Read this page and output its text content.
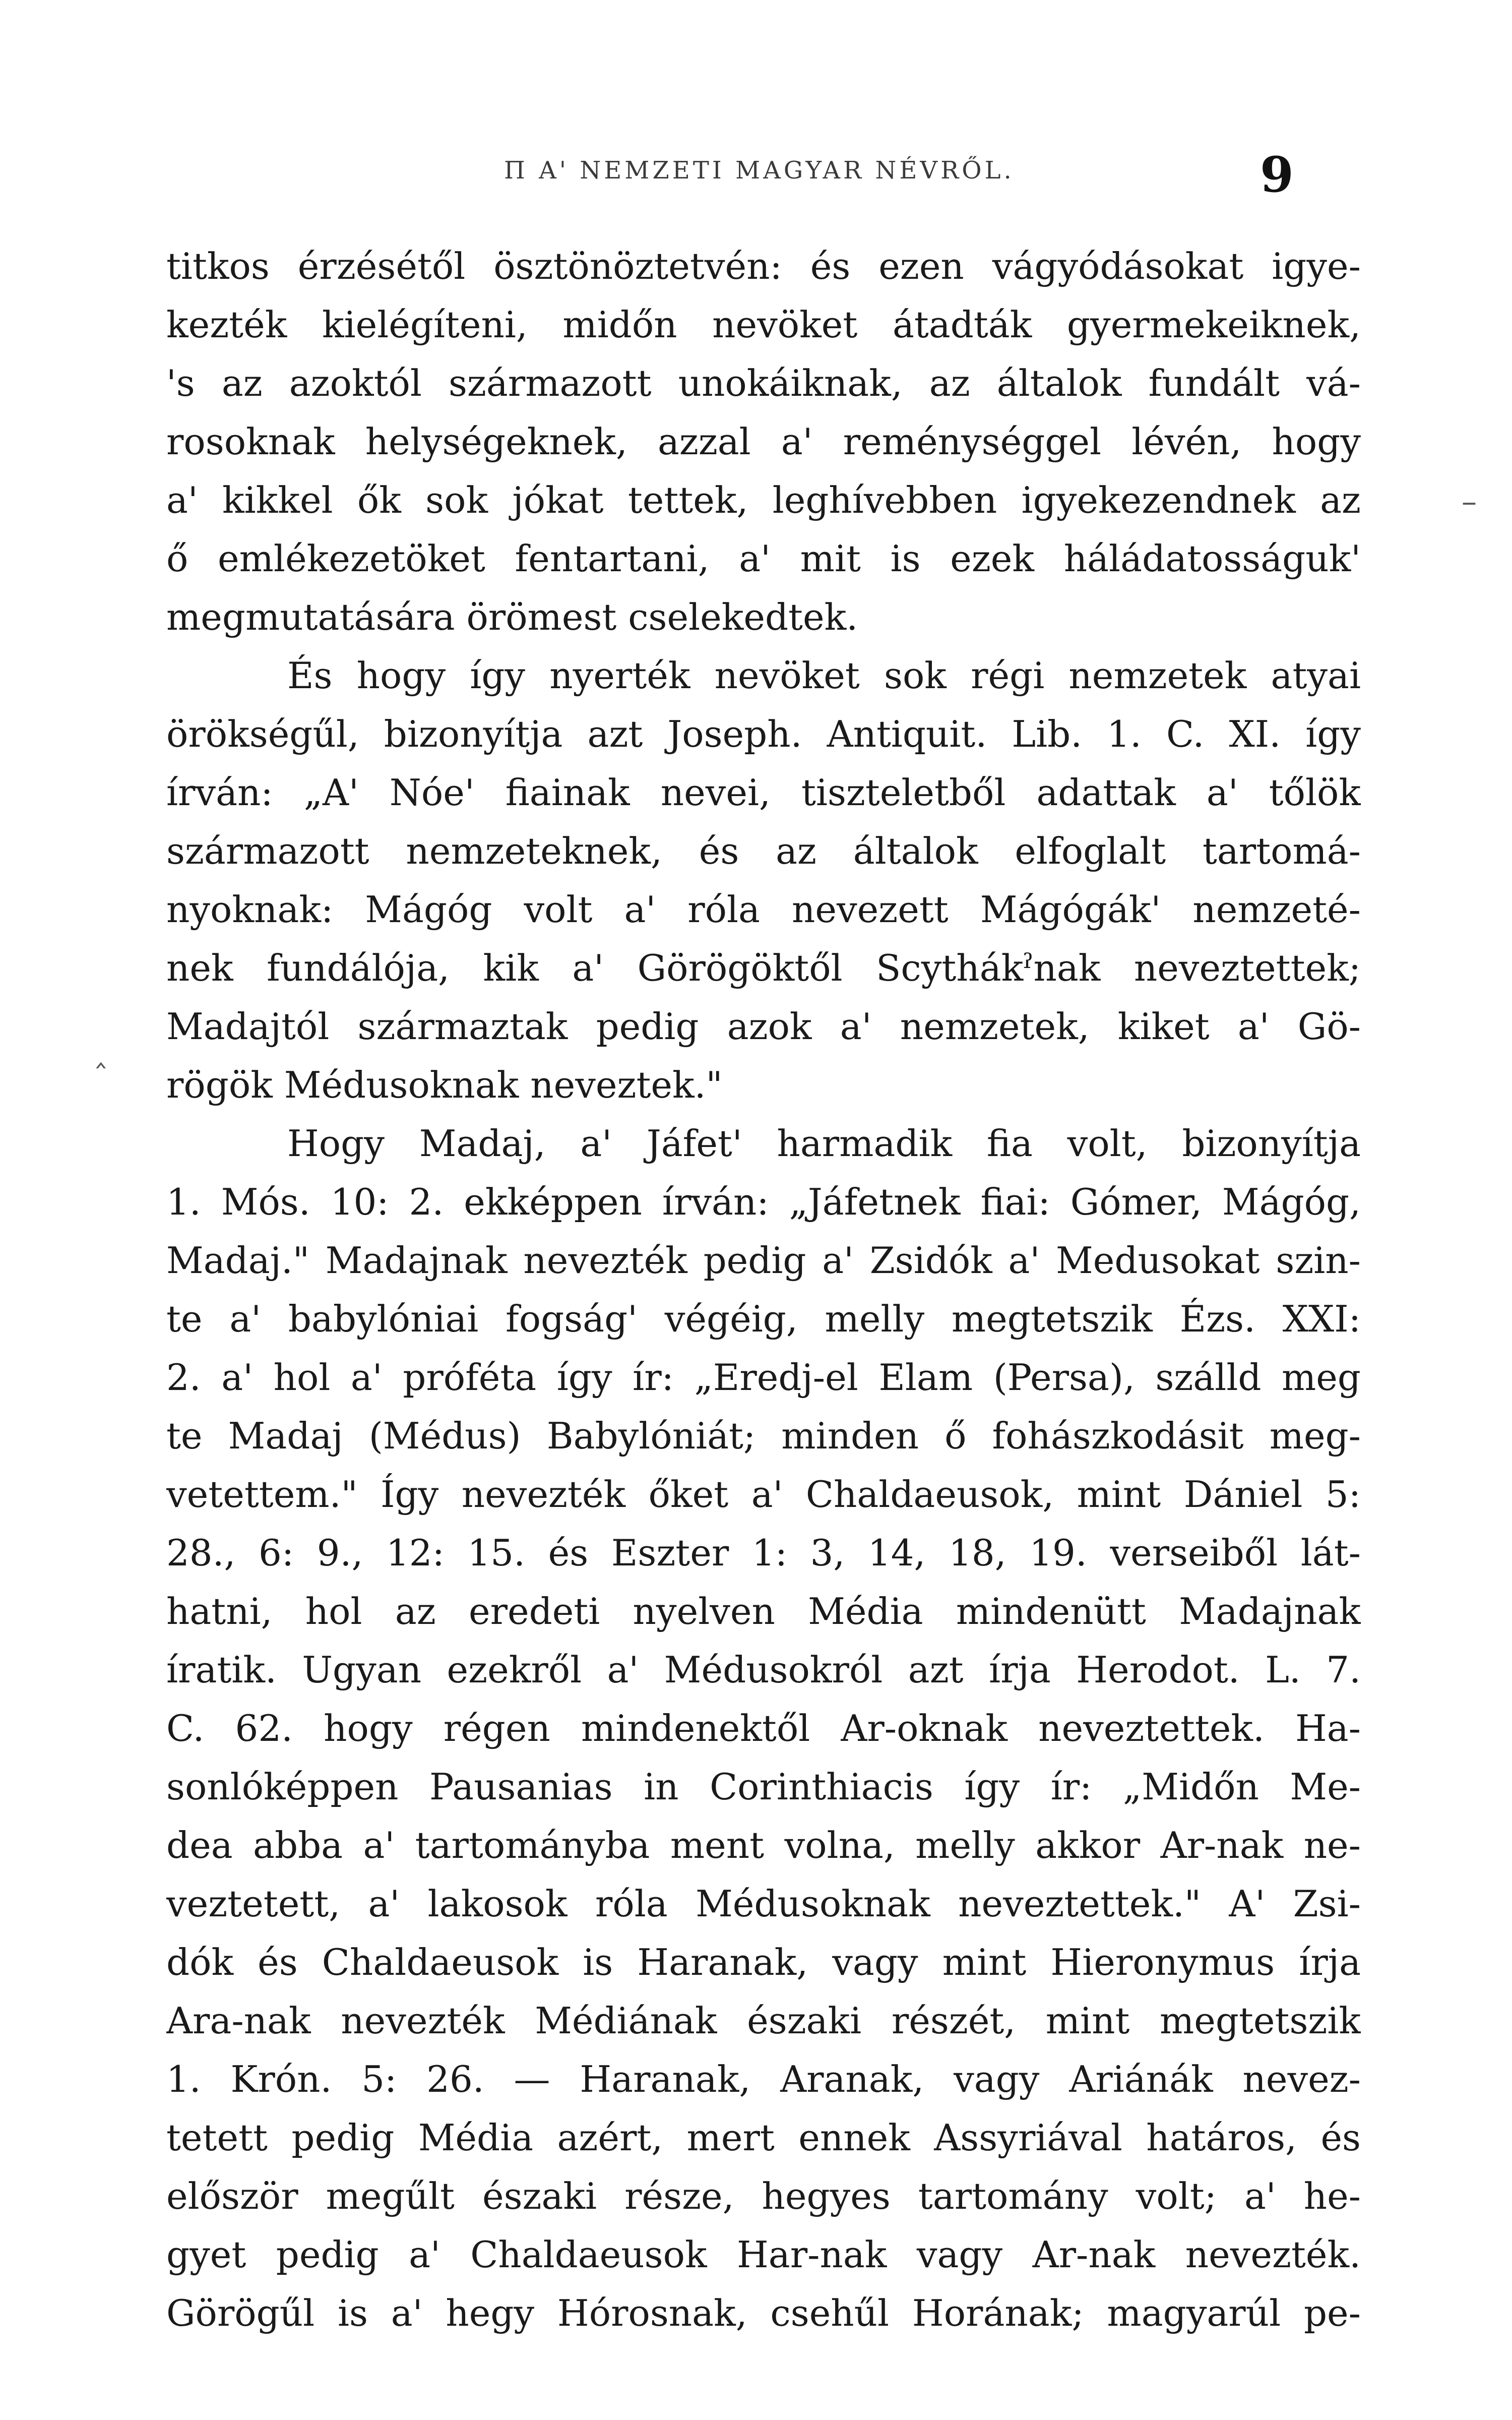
Π Α' NEMZETI MAGYAR NÉVRŐL.	9
–
‸

titkos érzésétől ösztönöztetvén: és ezen vágyódásokat igye-
kezték kielégíteni, midőn nevöket átadták gyermekeiknek,
's az azoktól származott unokáiknak, az általok fundált vá-
rosoknak helységeknek, azzal a' reménységgel lévén, hogy
a' kikkel ők sok jókat tettek, leghívebben igyekezendnek az
ő emlékezetöket fentartani, a' mit is ezek háládatosságuk'
megmutatására örömest cselekedtek.

És hogy így nyerték nevöket sok régi nemzetek atyai
örökségűl, bizonyítja azt Joseph. Antiquit. Lib. 1. C. XI. így
írván: „A' Nóe' fiainak nevei, tiszteletből adattak a' tőlök
származott nemzeteknek, és az általok elfoglalt tartomá-
nyoknak: Mágóg volt a' róla nevezett Mágógák' nemzeté-
nek fundálója, kik a' Görögöktől Scythákˀnak neveztettek;
Madajtól származtak pedig azok a' nemzetek, kiket a' Gö-
rögök Médusoknak neveztek."

Hogy Madaj, a' Jáfet' harmadik fia volt, bizonyítja
1. Mós. 10: 2. ekképpen írván: „Jáfetnek fiai: Gómer, Mágóg,
Madaj." Madajnak nevezték pedig a' Zsidók a' Medusokat szin-
te a' babylóniai fogság' végéig, melly megtetszik Ézs. XXI:
2. a' hol a' próféta így ír: „Eredj-el Elam (Persa), szálld meg
te Madaj (Médus) Babylóniát; minden ő fohászkodásit meg-
vetettem." Így nevezték őket a' Chaldaeusok, mint Dániel 5:
28., 6: 9., 12: 15. és Eszter 1: 3, 14, 18, 19. verseiből lát-
hatni, hol az eredeti nyelven Média mindenütt Madajnak
íratik. Ugyan ezekről a' Médusokról azt írja Herodot. L. 7.
C. 62. hogy régen mindenektől Ar-oknak neveztettek. Ha-
sonlóképpen Pausanias in Corinthiacis így ír: „Midőn Me-
dea abba a' tartományba ment volna, melly akkor Ar-nak ne-
veztetett, a' lakosok róla Médusoknak neveztettek." A' Zsi-
dók és Chaldaeusok is Haranak, vagy mint Hieronymus írja
Ara-nak nevezték Médiának északi részét, mint megtetszik
1. Krón. 5: 26. — Haranak, Aranak, vagy Ariánák nevez-
tetett pedig Média azért, mert ennek Assyriával határos, és
először megűlt északi része, hegyes tartomány volt; a' he-
gyet pedig a' Chaldaeusok Har-nak vagy Ar-nak nevezték.
Görögűl is a' hegy Hórosnak, csehűl Horának; magyarúl pe-
